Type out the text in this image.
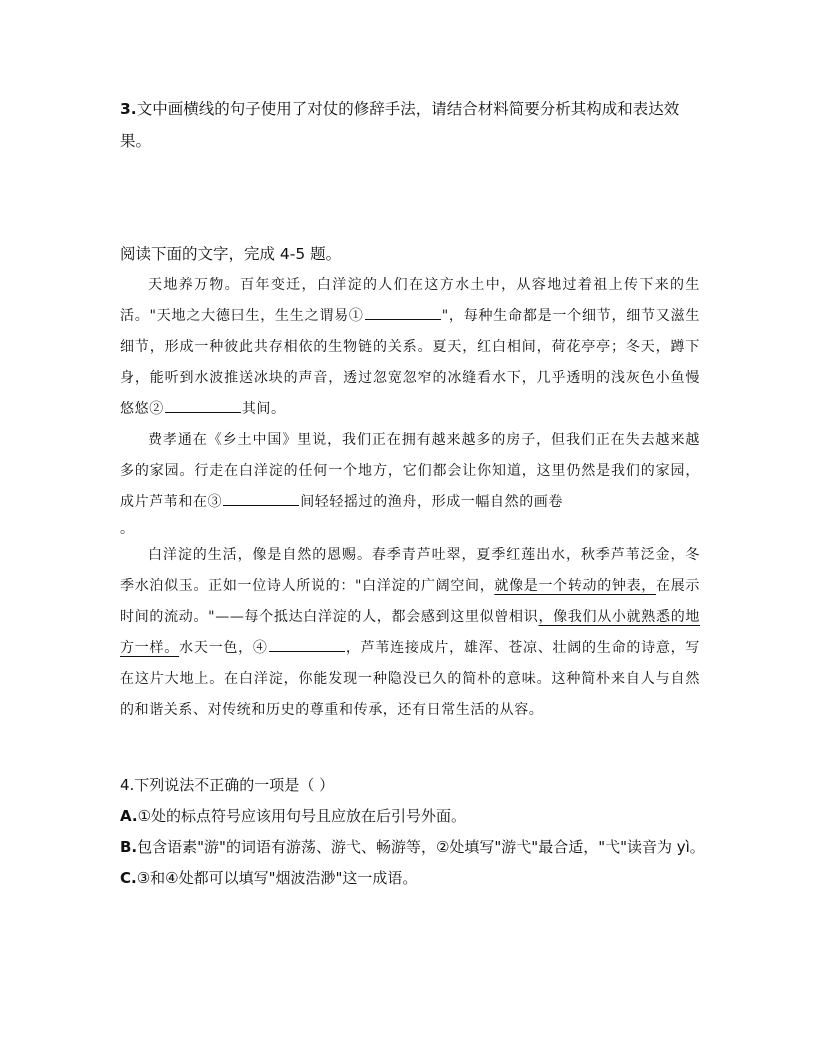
3.文中画横线的句子使用了对仗的修辞手法，请结合材料简要分析其构成和表达效果。
阅读下面的文字，完成 4-5 题。

天地养万物。百年变迁，白洋淀的人们在这方水土中，从容地过着祖上传下来的生活。"天地之大德曰生，生生之谓易①	"，每种生命都是一个细节，细节又滋生细节，形成一种彼此共存相依的生物链的关系。夏天，红白相间，荷花亭亭；冬天，蹲下身，能听到水波推送冰块的声音，透过忽宽忽窄的冰缝看水下，几乎透明的浅灰色小鱼慢悠悠②	其间。

费孝通在《乡土中国》里说，我们正在拥有越来越多的房子，但我们正在失去越来越多的家园。行走在白洋淀的任何一个地方，它们都会让你知道，这里仍然是我们的家园，成片芦苇和在③	间轻轻摇过的渔舟，形成一幅自然的画卷
。

白洋淀的生活，像是自然的恩赐。春季青芦吐翠，夏季红莲出水，秋季芦苇泛金，冬季水泊似玉。正如一位诗人所说的："白洋淀的广阔空间，就像是一个转动的钟表，在展示时间的流动。"——每个抵达白洋淀的人，都会感到这里似曾相识，像我们从小就熟悉的地方一样。水天一色，④	，芦苇连接成片，雄浑、苍凉、壮阔的生命的诗意，写在这片大地上。在白洋淀，你能发现一种隐没已久的简朴的意味。这种简朴来自人与自然的和谐关系、对传统和历史的尊重和传承，还有日常生活的从容。

4.下列说法不正确的一项是（ ）
A.①处的标点符号应该用句号且应放在后引号外面。
B.包含语素"游"的词语有游荡、游弋、畅游等，②处填写"游弋"最合适，"弋"读音为 yì。
C.③和④处都可以填写"烟波浩渺"这一成语。
